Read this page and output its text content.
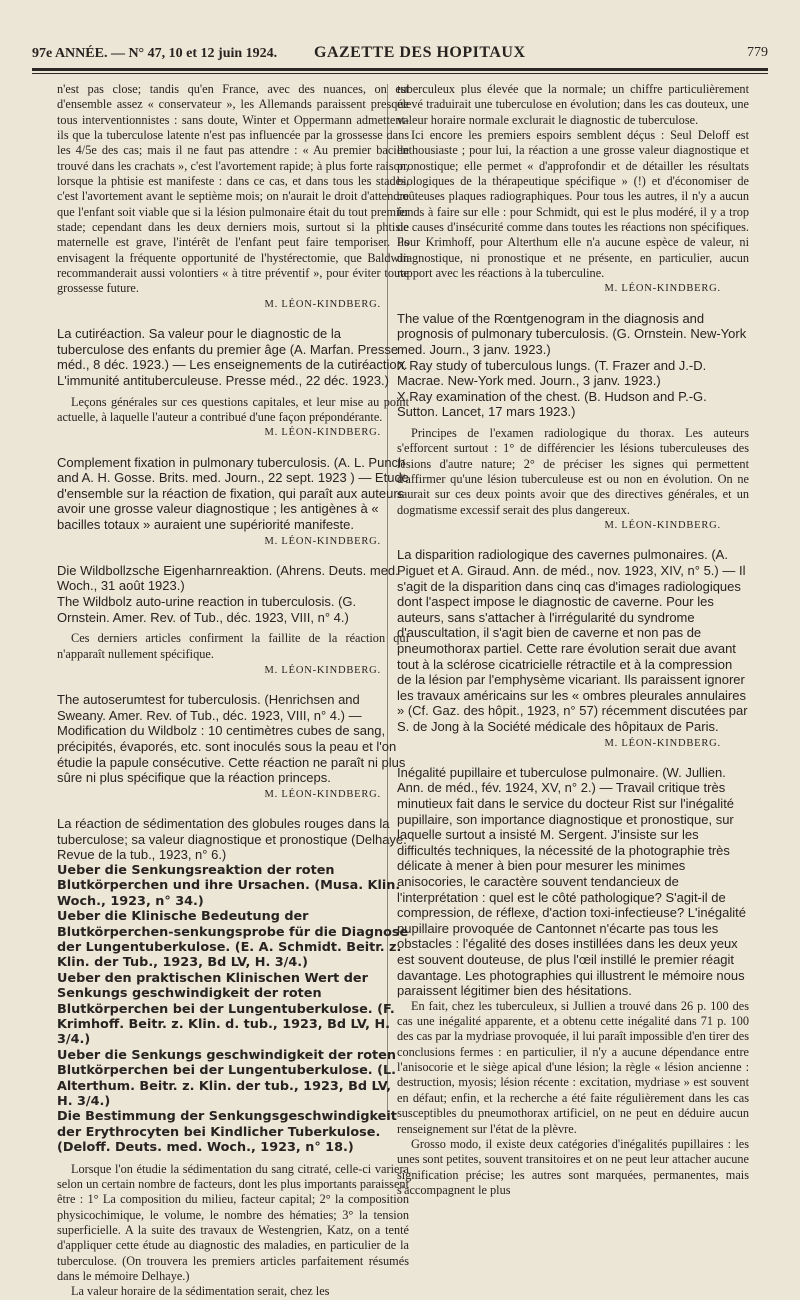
97e ANNÉE. — N° 47, 10 et 12 juin 1924. GAZETTE DES HOPITAUX	779

n'est pas close; tandis qu'en France, avec des nuances, on est d'ensemble assez « conservateur », les Allemands paraissent presque tous interventionnistes : sans doute, Winter et Oppermann admettent-ils que la tuberculose latente n'est pas influencée par la grossesse dans les 4/5e des cas; mais il ne faut pas attendre : « Au premier bacille trouvé dans les crachats », c'est l'avortement rapide; à plus forte raison, lorsque la phtisie est manifeste : dans ce cas, et dans tous les stades, c'est l'avortement avant le septième mois; on n'aurait le droit d'attendre que l'enfant soit viable que si la lésion pulmonaire était du tout premier stade; cependant dans les deux derniers mois, surtout si la phtisie maternelle est grave, l'intérêt de l'enfant peut faire temporiser. Ils envisagent la fréquente opportunité de l'hystérectomie, que Baldwin recommanderait aussi volontiers « à titre préventif », pour éviter toute grossesse future.

M. LÉON-KINDBERG.

La cutiréaction. Sa valeur pour le diagnostic de la tuberculose des enfants du premier âge (A. Marfan. Presse méd., 8 déc. 1923.) — Les enseignements de la cutiréaction. L'immunité antituberculeuse. Presse méd., 22 déc. 1923.)

Leçons générales sur ces questions capitales, et leur mise au point actuelle, à laquelle l'auteur a contribué d'une façon prépondérante.

M. LÉON-KINDBERG.

Complement fixation in pulmonary tuberculosis. (A. L. Punch and A. H. Gosse. Brits. med. Journ., 22 sept. 1923 ) — Etude d'ensemble sur la réaction de fixation, qui paraît aux auteurs avoir une grosse valeur diagnostique ; les antigènes à « bacilles totaux » auraient une supériorité manifeste.

M. LÉON-KINDBERG.

Die Wildbollzsche Eigenharnreaktion. (Ahrens. Deuts. med. Woch., 31 août 1923.)

The Wildbolz auto-urine reaction in tuberculosis. (G. Ornstein. Amer. Rev. of Tub., déc. 1923, VIII, n° 4.)

Ces derniers articles confirment la faillite de la réaction qui n'apparaît nullement spécifique.

M. LÉON-KINDBERG.

The autoserumtest for tuberculosis. (Henrichsen and Sweany. Amer. Rev. of Tub., déc. 1923, VIII, n° 4.) — Modification du Wildbolz : 10 centimètres cubes de sang, précipités, évaporés, etc. sont inoculés sous la peau et l'on étudie la papule consécutive. Cette réaction ne paraît ni plus sûre ni plus spécifique que la réaction princeps.

M. LÉON-KINDBERG.

La réaction de sédimentation des globules rouges dans la tuberculose; sa valeur diagnostique et pronostique (Delhaye. Revue de la tub., 1923, n° 6.)

Ueber die Senkungsreaktion der roten Blutkörperchen und ihre Ursachen. (Musa. Klin. Woch., 1923, n° 34.)

Ueber die Klinische Bedeutung der Blutkörperchen-senkungsprobe für die Diagnose der Lungentuberkulose. (E. A. Schmidt. Beitr. z. Klin. der Tub., 1923, Bd LV, H. 3/4.)

Ueber den praktischen Klinischen Wert der Senkungs geschwindigkeit der roten Blutkörperchen bei der Lungentuberkulose. (F. Krimhoff. Beitr. z. Klin. d. tub., 1923, Bd LV, H. 3/4.)

Ueber die Senkungs geschwindigkeit der roten Blutkörperchen bei der Lungentuberkulose. (L. Alterthum. Beitr. z. Klin. der tub., 1923, Bd LV, H. 3/4.)

Die Bestimmung der Senkungsgeschwindigkeit der Erythrocyten bei Kindlicher Tuberkulose. (Deloff. Deuts. med. Woch., 1923, n° 18.)

Lorsque l'on étudie la sédimentation du sang citraté, celle-ci variera selon un certain nombre de facteurs, dont les plus importants paraissent être : 1° La composition du milieu, facteur capital; 2° la composition physicochimique, le volume, le nombre des hématies; 3° la tension superficielle. A la suite des travaux de Westengrien, Katz, on a tenté d'appliquer cette étude au diagnostic des maladies, en particulier de la tuberculose. (On trouvera les premiers articles parfaitement résumés dans le mémoire Delhaye.)

La valeur horaire de la sédimentation serait, chez les

tuberculeux plus élevée que la normale; un chiffre particulièrement élevé traduirait une tuberculose en évolution; dans les cas douteux, une valeur horaire normale exclurait le diagnostic de tuberculose.

Ici encore les premiers espoirs semblent déçus : Seul Deloff est enthousiaste ; pour lui, la réaction a une grosse valeur diagnostique et pronostique; elle permet « d'approfondir et de détailler les résultats biologiques de la thérapeutique spécifique » (!) et d'économiser de coûteuses plaques radiographiques. Pour tous les autres, il n'y a aucun fonds à faire sur elle : pour Schmidt, qui est le plus modéré, il y a trop de causes d'insécurité comme dans toutes les réactions non spécifiques. Pour Krimhoff, pour Alterthum elle n'a aucune espèce de valeur, ni diagnostique, ni pronostique et ne présente, en particulier, aucun rapport avec les réactions à la tuberculine.

M. LÉON-KINDBERG.

The value of the Rœntgenogram in the diagnosis and prognosis of pulmonary tuberculosis. (G. Ornstein. New-York med. Journ., 3 janv. 1923.)

X Ray study of tuberculous lungs. (T. Frazer and J.-D. Macrae. New-York med. Journ., 3 janv. 1923.)

X Ray examination of the chest. (B. Hudson and P.-G. Sutton. Lancet, 17 mars 1923.)

Principes de l'examen radiologique du thorax. Les auteurs s'efforcent surtout : 1° de différencier les lésions tuberculeuses des lésions d'autre nature; 2° de préciser les signes qui permettent d'affirmer qu'une lésion tuberculeuse est ou non en évolution. On ne saurait sur ces deux points avoir que des directives générales, et un dogmatisme excessif serait des plus dangereux.

M. LÉON-KINDBERG.

La disparition radiologique des cavernes pulmonaires. (A. Piguet et A. Giraud. Ann. de méd., nov. 1923, XIV, n° 5.) — Il s'agit de la disparition dans cinq cas d'images radiologiques dont l'aspect impose le diagnostic de caverne. Pour les auteurs, sans s'attacher à l'irrégularité du syndrome d'auscultation, il s'agit bien de caverne et non pas de pneumothorax partiel. Cette rare évolution serait due avant tout à la sclérose cicatricielle rétractile et à la compression de la lésion par l'emphysème vicariant. Ils paraissent ignorer les travaux américains sur les « ombres pleurales annulaires » (Cf. Gaz. des hôpit., 1923, n° 57) récemment discutées par S. de Jong à la Société médicale des hôpitaux de Paris.

M. LÉON-KINDBERG.

Inégalité pupillaire et tuberculose pulmonaire. (W. Jullien. Ann. de méd., fév. 1924, XV, n° 2.) — Travail critique très minutieux fait dans le service du docteur Rist sur l'inégalité pupillaire, son importance diagnostique et pronostique, sur laquelle surtout a insisté M. Sergent. J'insiste sur les difficultés techniques, la nécessité de la photographie très délicate à mener à bien pour mesurer les minimes anisocories, le caractère souvent tendancieux de l'interprétation : quel est le côté pathologique? S'agit-il de compression, de réflexe, d'action toxi-infectieuse? L'inégalité pupillaire provoquée de Cantonnet n'écarte pas tous les obstacles : l'égalité des doses instillées dans les deux yeux est souvent douteuse, de plus l'œil instillé le premier réagit davantage. Les photographies qui illustrent le mémoire nous paraissent légitimer bien des hésitations.

En fait, chez les tuberculeux, si Jullien a trouvé dans 26 p. 100 des cas une inégalité apparente, et a obtenu cette inégalité dans 71 p. 100 des cas par la mydriase provoquée, il lui paraît impossible d'en tirer des conclusions fermes : en particulier, il n'y a aucune dépendance entre l'anisocorie et le siège apical d'une lésion; la règle « lésion ancienne : destruction, myosis; lésion récente : excitation, mydriase » est souvent en défaut; enfin, et la recherche a été faite régulièrement dans les cas susceptibles du pneumothorax artificiel, on ne peut en déduire aucun renseignement sur l'état de la plèvre.

Grosso modo, il existe deux catégories d'inégalités pupillaires : les unes sont petites, souvent transitoires et on ne peut leur attacher aucune signification précise; les autres sont marquées, permanentes, mais s'accompagnent le plus
